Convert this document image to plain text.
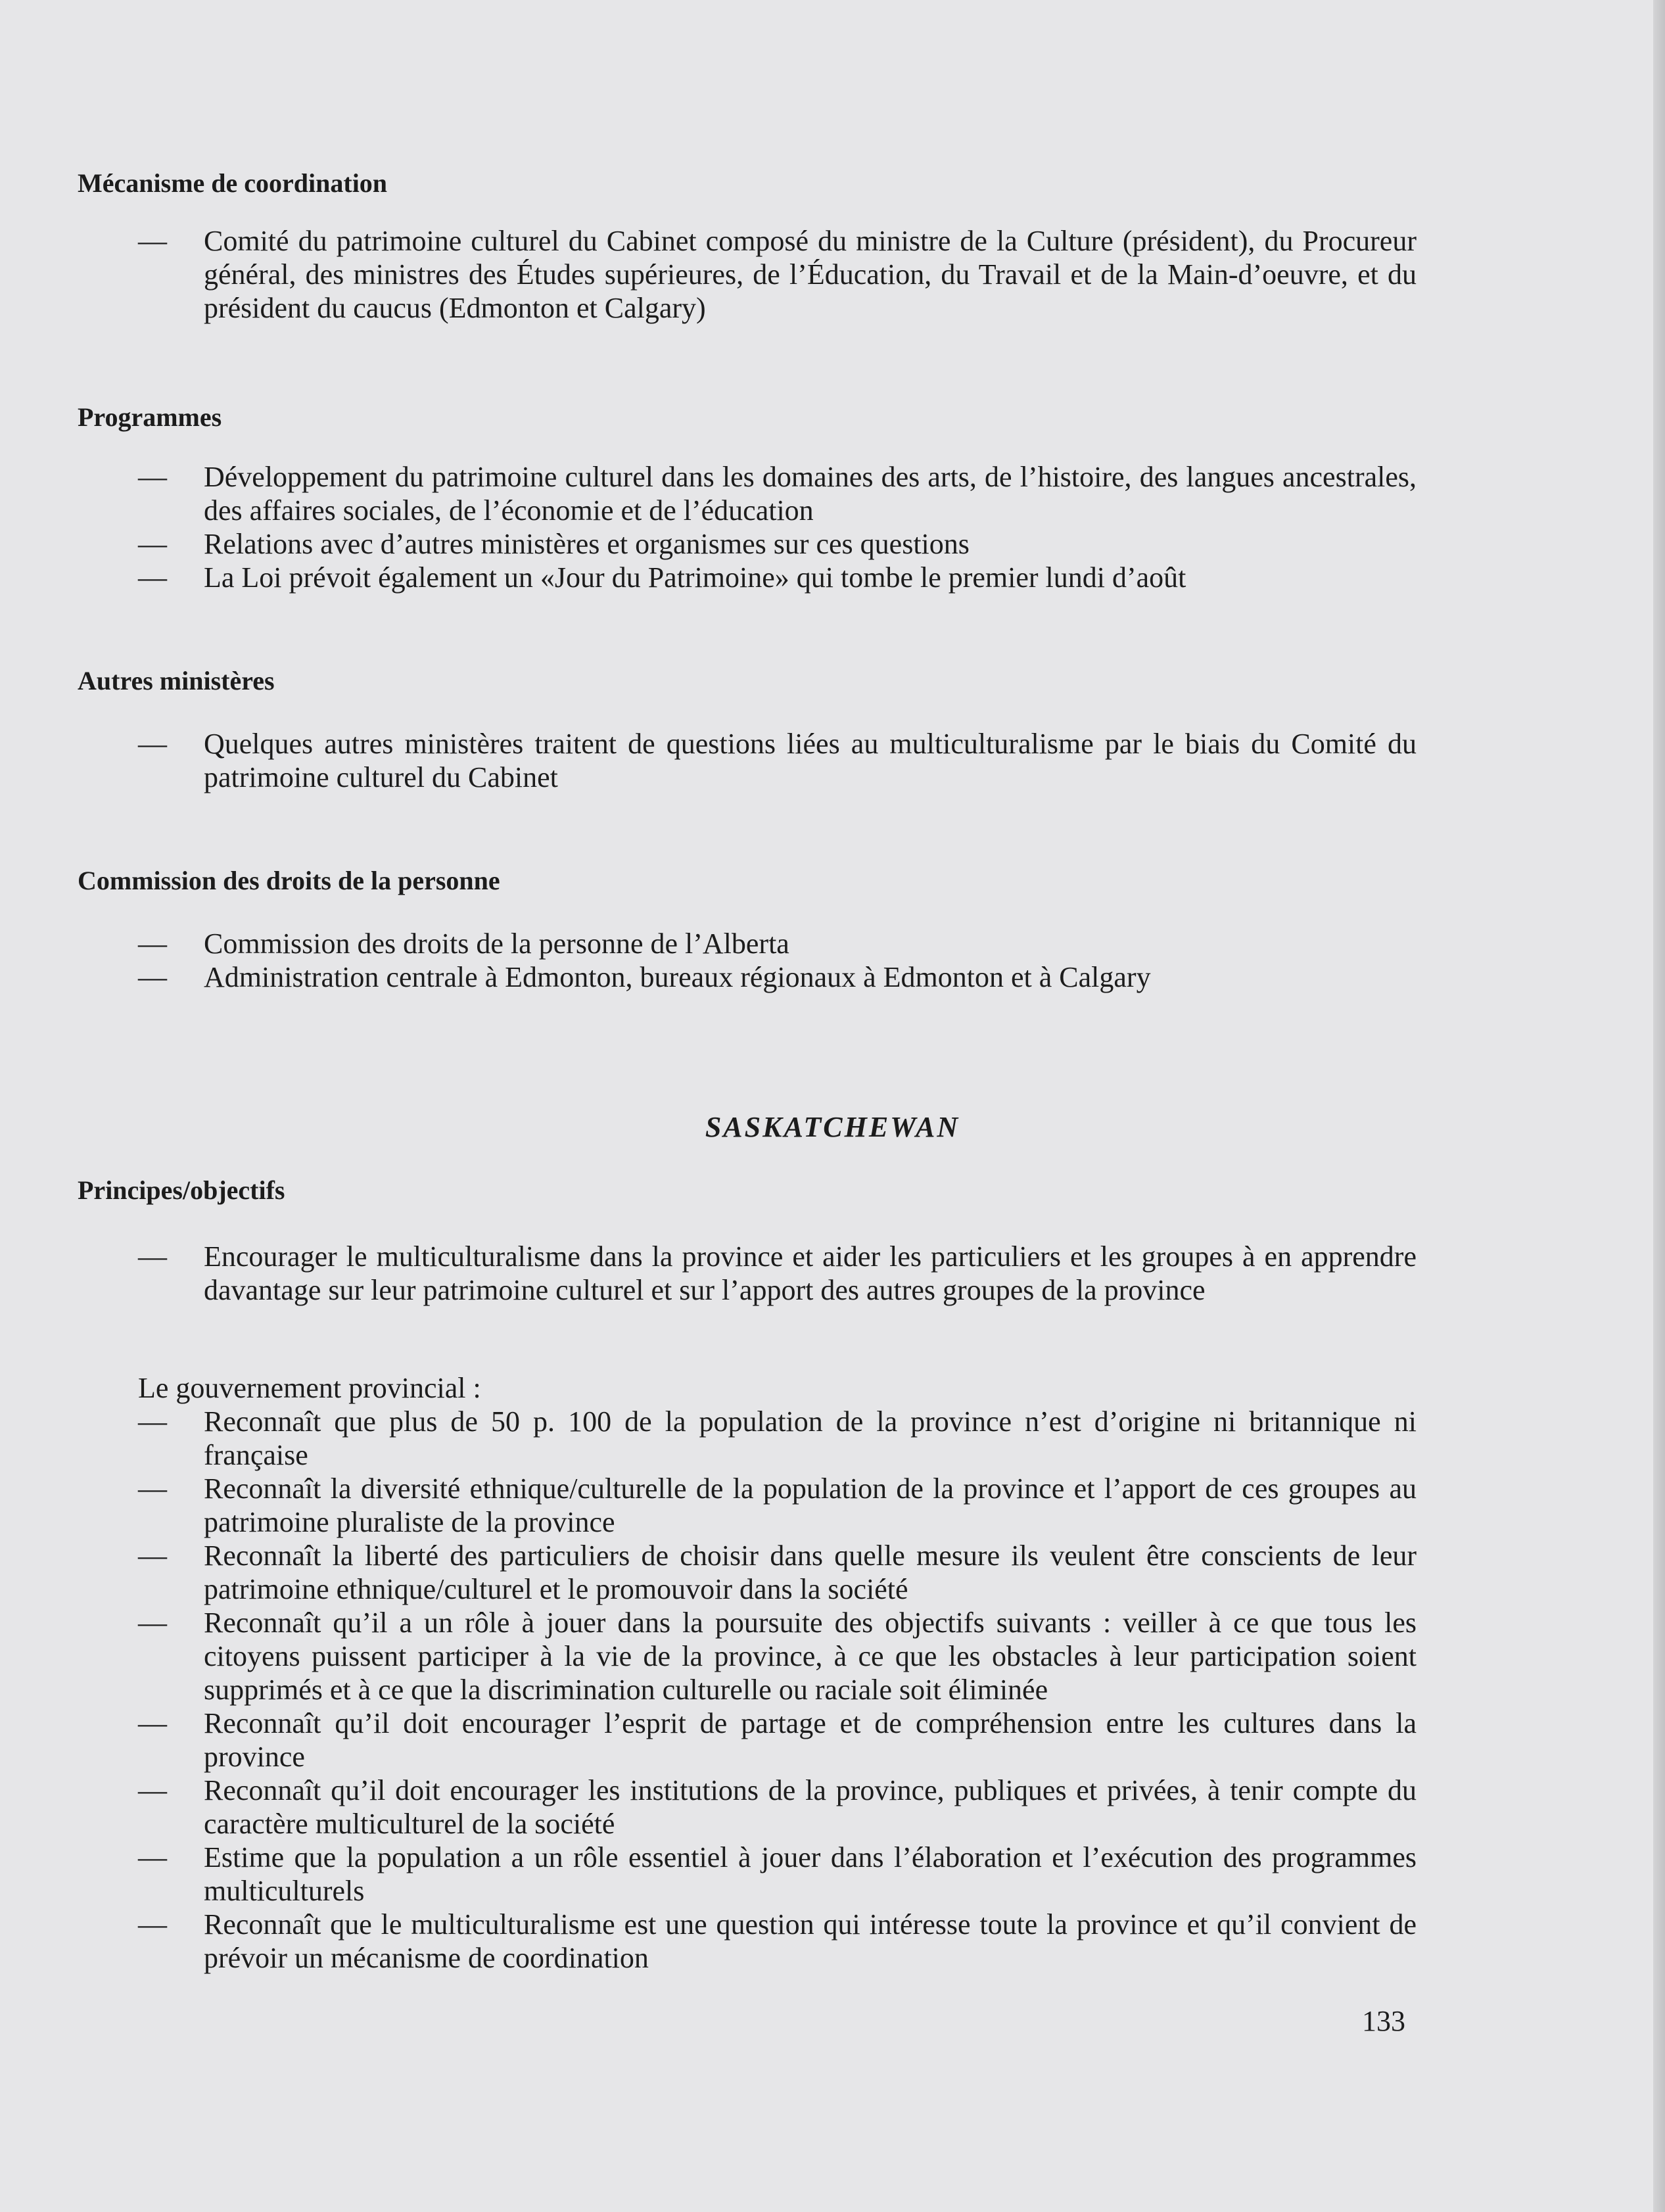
Mécanisme de coordination
—	Comité du patrimoine culturel du Cabinet composé du ministre de la Culture (président), du Procureur général, des ministres des Études supérieures, de l’Éducation, du Travail et de la Main-d’oeuvre, et du président du caucus (Edmonton et Calgary)
Programmes
—	Développement du patrimoine culturel dans les domaines des arts, de l’histoire, des langues ancestrales, des affaires sociales, de l’économie et de l’éducation
—	Relations avec d’autres ministères et organismes sur ces questions
—	La Loi prévoit également un «Jour du Patrimoine» qui tombe le premier lundi d’août
Autres ministères
—	Quelques autres ministères traitent de questions liées au multiculturalisme par le biais du Comité du patrimoine culturel du Cabinet
Commission des droits de la personne
—	Commission des droits de la personne de l’Alberta
—	Administration centrale à Edmonton, bureaux régionaux à Edmonton et à Calgary
SASKATCHEWAN
Principes/objectifs
—	Encourager le multiculturalisme dans la province et aider les particuliers et les groupes à en apprendre davantage sur leur patrimoine culturel et sur l’apport des autres groupes de la province

Le gouvernement provincial :

—	Reconnaît que plus de 50 p. 100 de la population de la province n’est d’origine ni britannique ni française
—	Reconnaît la diversité ethnique/culturelle de la population de la province et l’apport de ces groupes au patrimoine pluraliste de la province
—	Reconnaît la liberté des particuliers de choisir dans quelle mesure ils veulent être conscients de leur patrimoine ethnique/culturel et le promouvoir dans la société
—	Reconnaît qu’il a un rôle à jouer dans la poursuite des objectifs suivants : veiller à ce que tous les citoyens puissent participer à la vie de la province, à ce que les obstacles à leur participation soient supprimés et à ce que la discrimination culturelle ou raciale soit éliminée
—	Reconnaît qu’il doit encourager l’esprit de partage et de compréhension entre les cultures dans la province
—	Reconnaît qu’il doit encourager les institutions de la province, publiques et privées, à tenir compte du caractère multiculturel de la société
—	Estime que la population a un rôle essentiel à jouer dans l’élaboration et l’exécution des programmes multiculturels
—	Reconnaît que le multiculturalisme est une question qui intéresse toute la province et qu’il convient de prévoir un mécanisme de coordination

133
